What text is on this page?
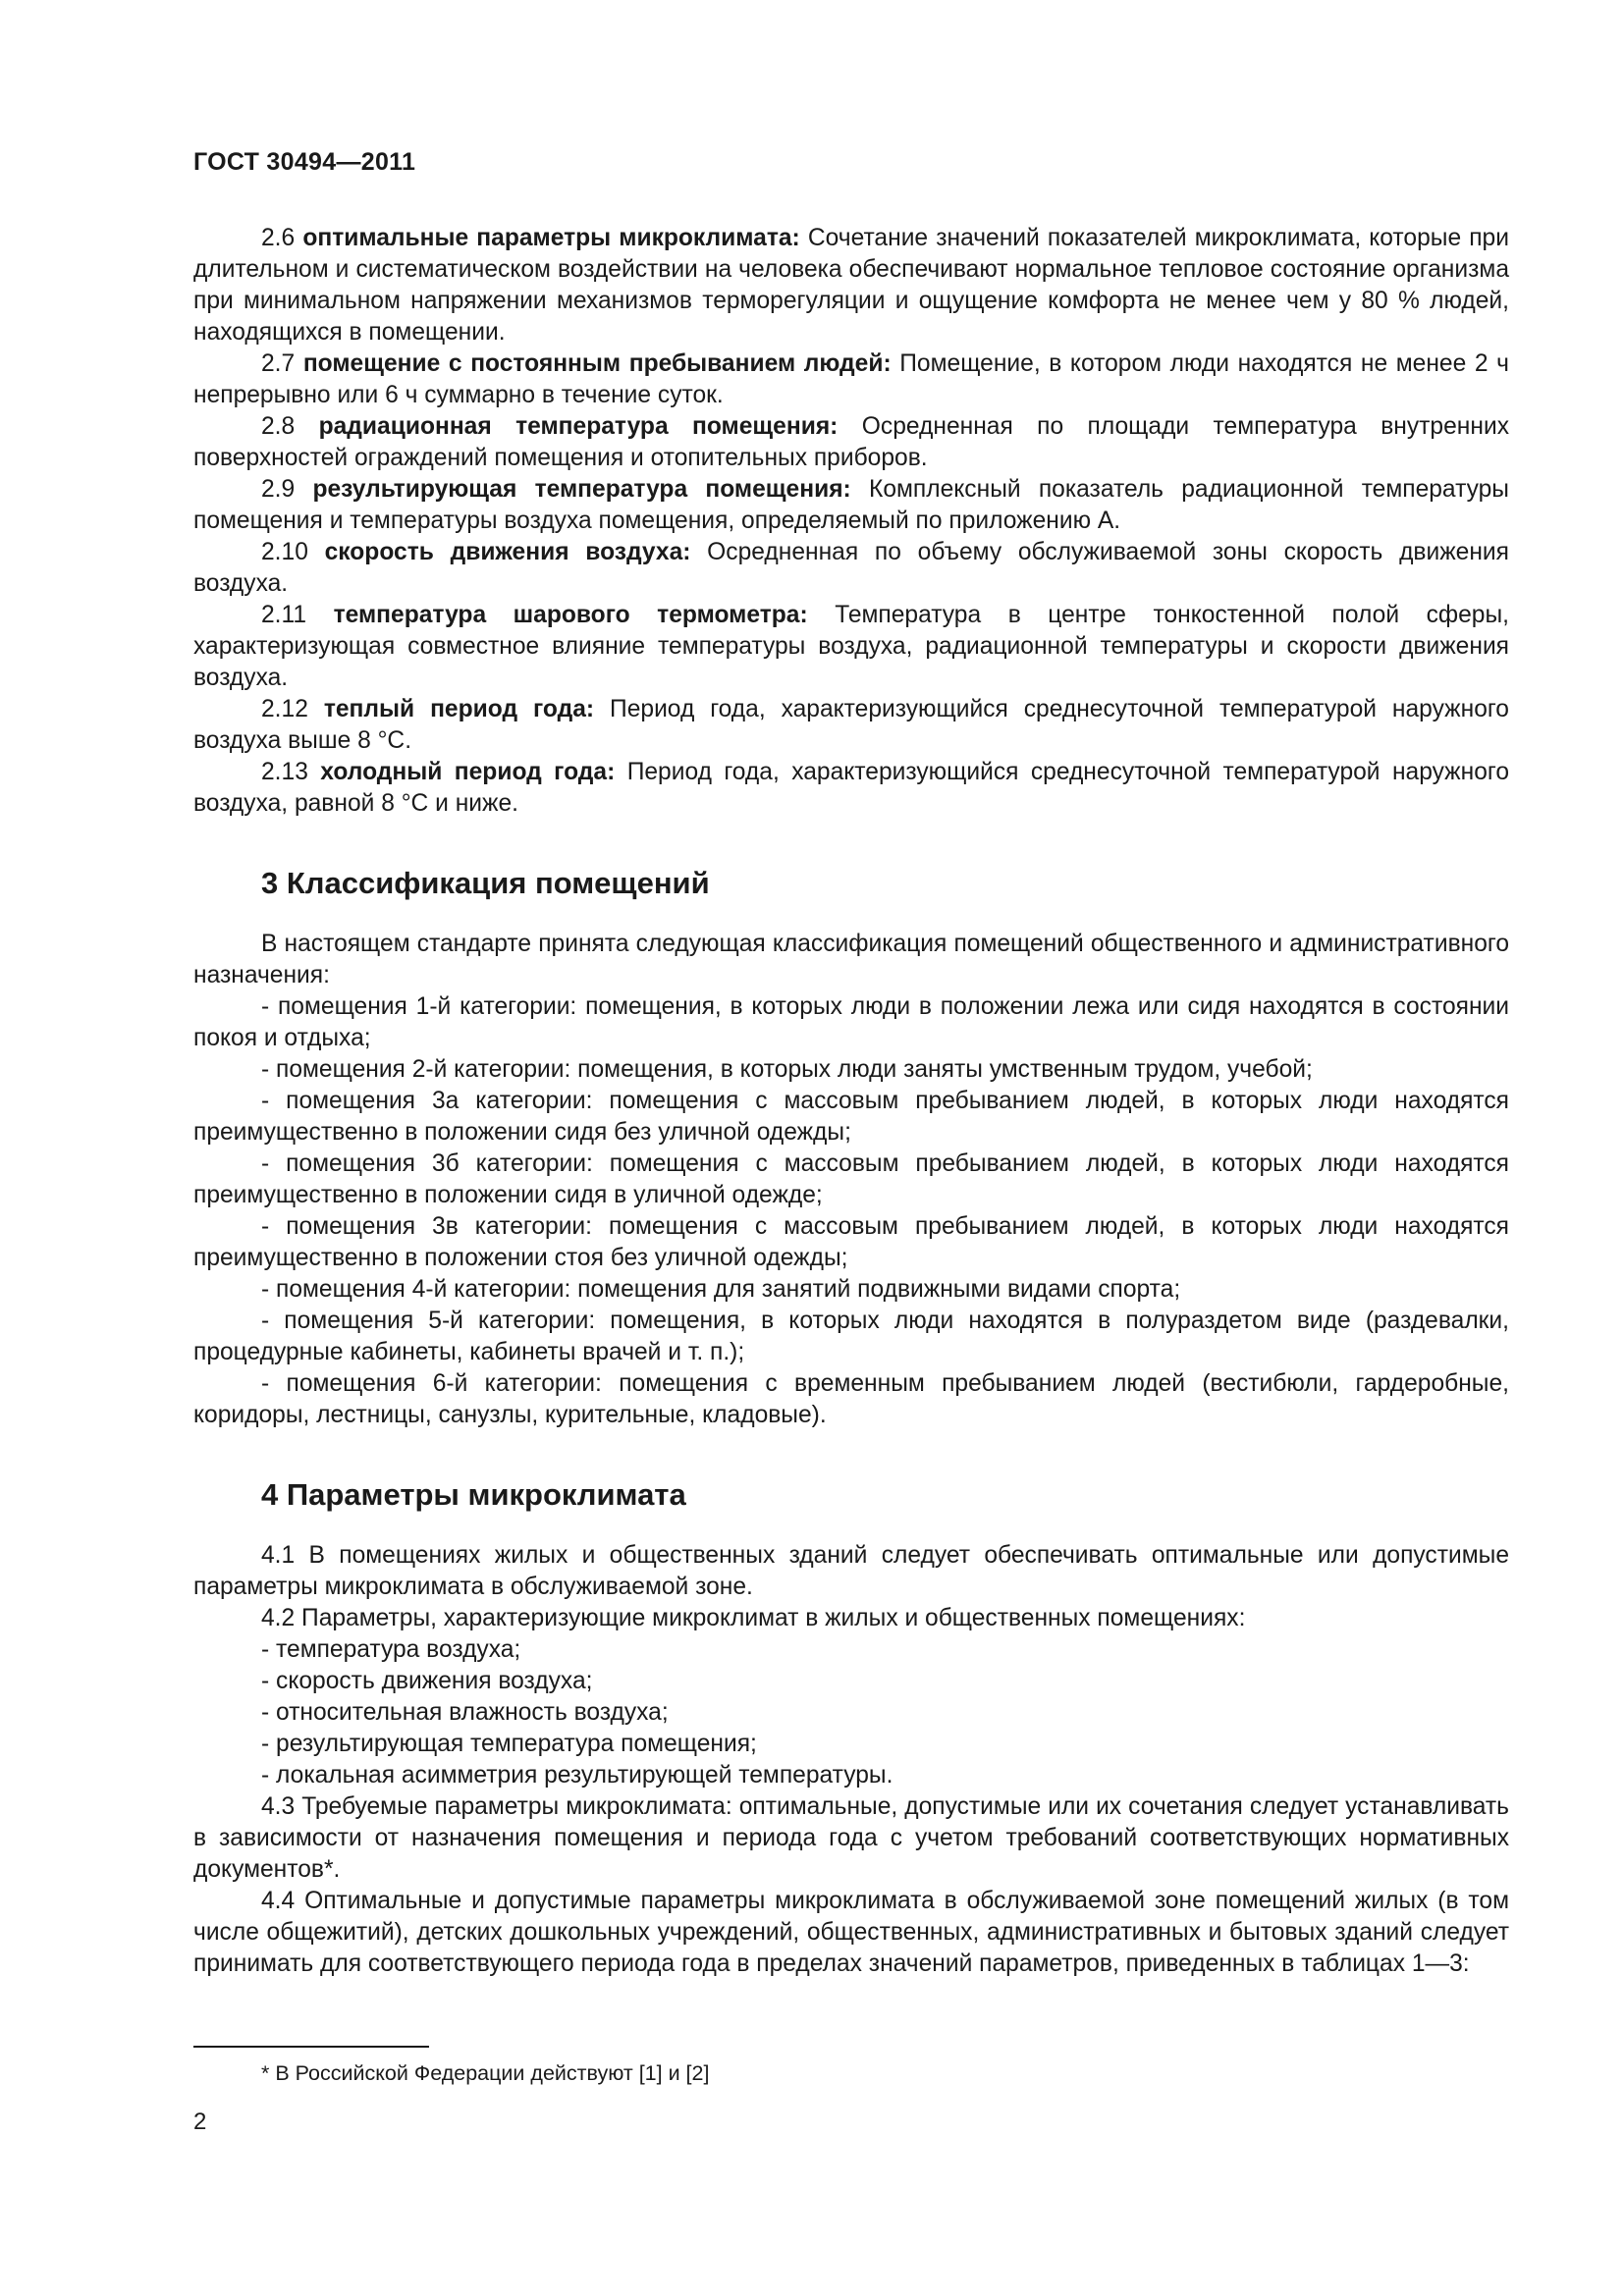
ГОСТ 30494—2011

2.6 оптимальные параметры микроклимата: Сочетание значений показателей микроклимата, которые при длительном и систематическом воздействии на человека обеспечивают нормальное тепловое состояние организма при минимальном напряжении механизмов терморегуляции и ощущение комфорта не менее чем у 80 % людей, находящихся в помещении.

2.7 помещение с постоянным пребыванием людей: Помещение, в котором люди находятся не менее 2 ч непрерывно или 6 ч суммарно в течение суток.

2.8 радиационная температура помещения: Осредненная по площади температура внутренних поверхностей ограждений помещения и отопительных приборов.

2.9 результирующая температура помещения: Комплексный показатель радиационной температуры помещения и температуры воздуха помещения, определяемый по приложению А.

2.10 скорость движения воздуха: Осредненная по объему обслуживаемой зоны скорость движения воздуха.

2.11 температура шарового термометра: Температура в центре тонкостенной полой сферы, характеризующая совместное влияние температуры воздуха, радиационной температуры и скорости движения воздуха.

2.12 теплый период года: Период года, характеризующийся среднесуточной температурой наружного воздуха выше 8 °С.

2.13 холодный период года: Период года, характеризующийся среднесуточной температурой наружного воздуха, равной 8 °С и ниже.

3 Классификация помещений

В настоящем стандарте принята следующая классификация помещений общественного и административного назначения:

- помещения 1-й категории: помещения, в которых люди в положении лежа или сидя находятся в состоянии покоя и отдыха;

- помещения 2-й категории: помещения, в которых люди заняты умственным трудом, учебой;

- помещения 3а категории: помещения с массовым пребыванием людей, в которых люди находятся преимущественно в положении сидя без уличной одежды;

- помещения 3б категории: помещения с массовым пребыванием людей, в которых люди находятся преимущественно в положении сидя в уличной одежде;

- помещения 3в категории: помещения с массовым пребыванием людей, в которых люди находятся преимущественно в положении стоя без уличной одежды;

- помещения 4-й категории: помещения для занятий подвижными видами спорта;

- помещения 5-й категории: помещения, в которых люди находятся в полураздетом виде (раздевалки, процедурные кабинеты, кабинеты врачей и т. п.);

- помещения 6-й категории: помещения с временным пребыванием людей (вестибюли, гардеробные, коридоры, лестницы, санузлы, курительные, кладовые).

4 Параметры микроклимата

4.1 В помещениях жилых и общественных зданий следует обеспечивать оптимальные или допустимые параметры микроклимата в обслуживаемой зоне.

4.2 Параметры, характеризующие микроклимат в жилых и общественных помещениях:

- температура воздуха;

- скорость движения воздуха;

- относительная влажность воздуха;

- результирующая температура помещения;

- локальная асимметрия результирующей температуры.

4.3 Требуемые параметры микроклимата: оптимальные, допустимые или их сочетания следует устанавливать в зависимости от назначения помещения и периода года с учетом требований соответствующих нормативных документов*.

4.4 Оптимальные и допустимые параметры микроклимата в обслуживаемой зоне помещений жилых (в том числе общежитий), детских дошкольных учреждений, общественных, административных и бытовых зданий следует принимать для соответствующего периода года в пределах значений параметров, приведенных в таблицах 1—3:

* В Российской Федерации действуют [1] и [2]
2
